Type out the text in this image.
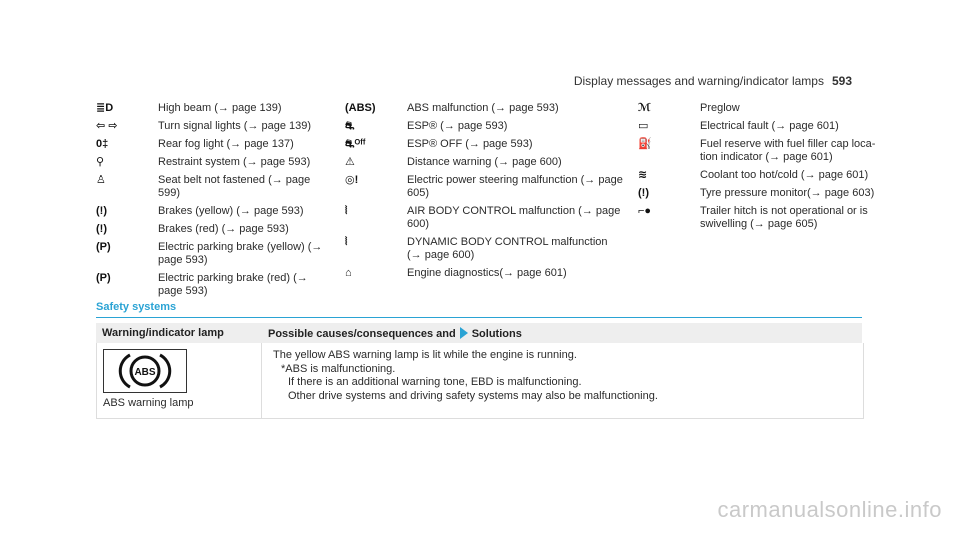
Display messages and warning/indicator lamps 593
≣D	High beam (→ page 139)
⇦ ⇨	Turn signal lights (→ page 139)
0‡	Rear fog light (→ page 137)
⚲	Restraint system (→ page 593)
♙	Seat belt not fastened (→ page 599)
(!)	Brakes (yellow) (→ page 593)
(!)	Brakes (red) (→ page 593)
(P)	Electric parking brake (yellow) (→ page 593)
(P)	Electric parking brake (red) (→ page 593)
(ABS)	ABS malfunction (→ page 593)
⛐	ESP® (→ page 593)
⛐ᴼᶠᶠ	ESP® OFF (→ page 593)
⚠	Distance warning (→ page 600)
◎!	Electric power steering malfunction (→ page 605)
⦚	AIR BODY CONTROL malfunction (→ page 600)
⦚	DYNAMIC BODY CONTROL malfunction (→ page 600)
⌂	Engine diagnostics(→ page 601)
ℳ	Preglow
▭	Electrical fault (→ page 601)
⛽	Fuel reserve with fuel filler cap location indicator (→ page 601)
≋	Coolant too hot/cold (→ page 601)
(!)	Tyre pressure monitor(→ page 603)
⌐●	Trailer hitch is not operational or is swivelling (→ page 605)
Safety systems
Warning/indicator lamp	Possible causes/consequences and Solutions
ABS
ABS warning lamp
The yellow ABS warning lamp is lit while the engine is running.
*ABS is malfunctioning.
If there is an additional warning tone, EBD is malfunctioning.
Other drive systems and driving safety systems may also be malfunctioning.
carmanualsonline.info
